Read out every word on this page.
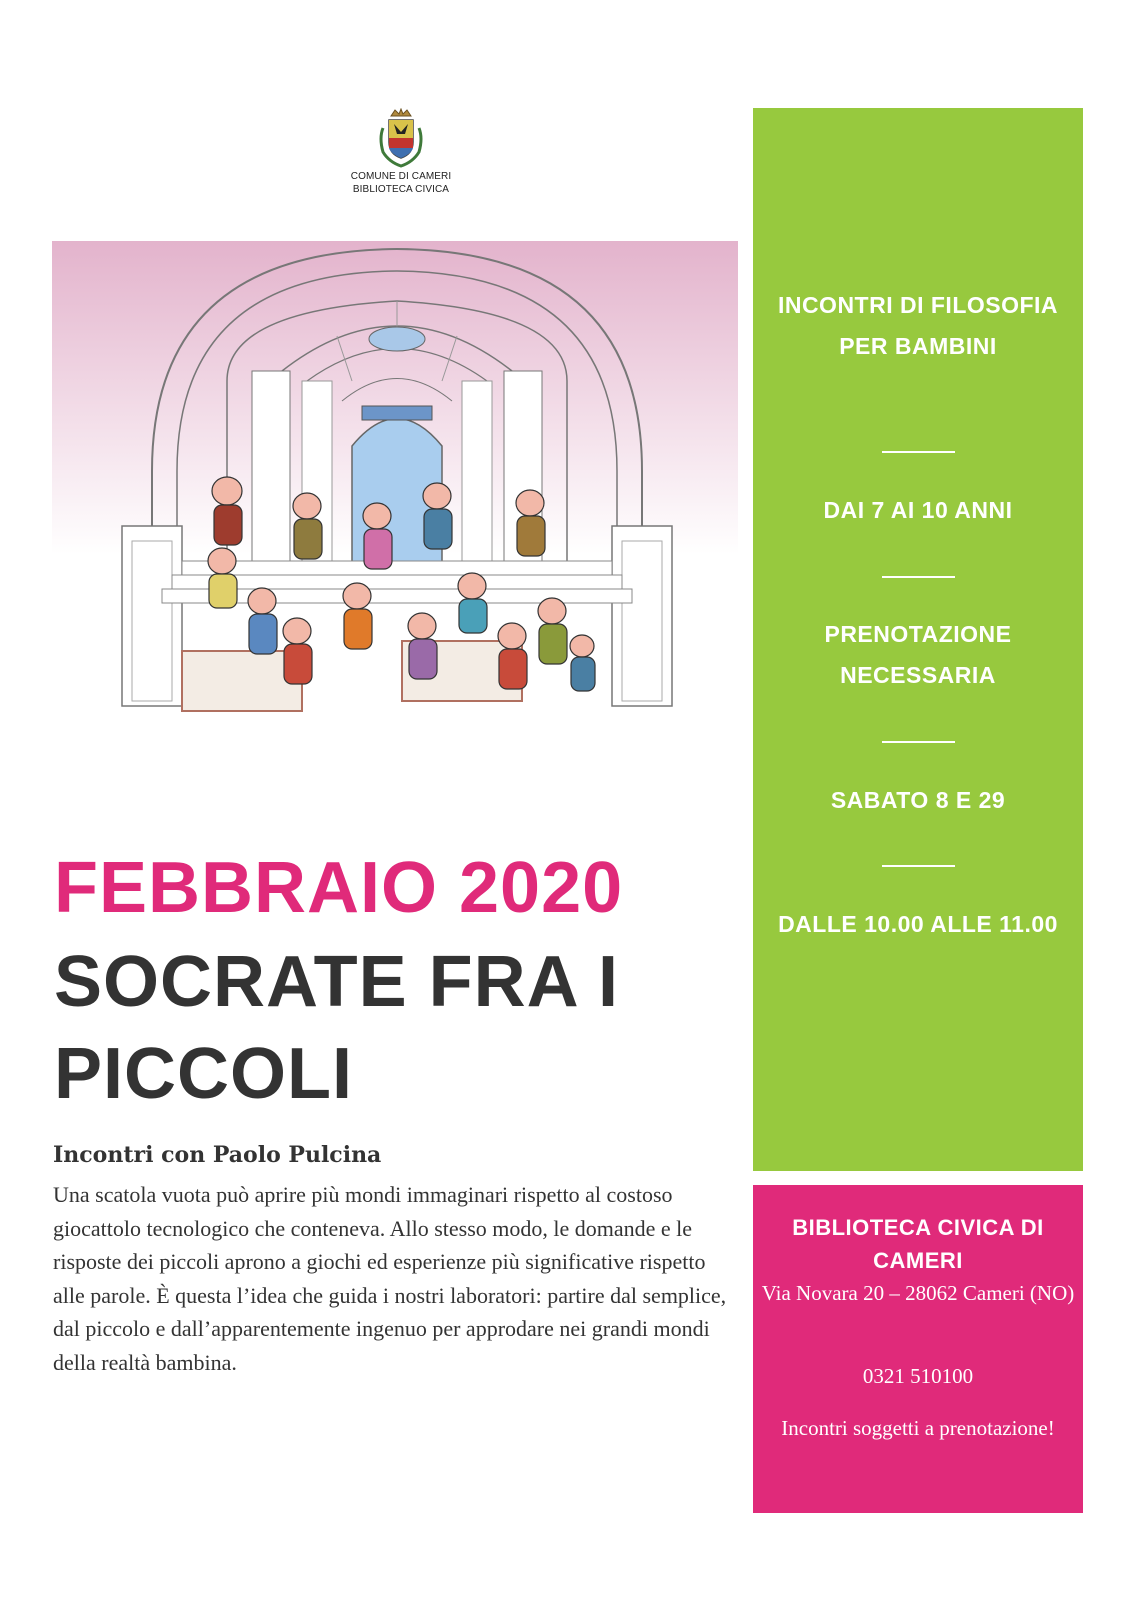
COMUNE DI CAMERI
BIBLIOTECA CIVICA
FEBBRAIO 2020
SOCRATE FRA I PICCOLI
Incontri con Paolo Pulcina

Una scatola vuota può aprire più mondi immaginari rispetto al costoso giocattolo tecnologico che conteneva. Allo stesso modo, le domande e le risposte dei piccoli aprono a giochi ed esperienze più significative rispetto alle parole. È questa l’idea che guida i nostri laboratori: partire dal semplice, dal piccolo e dall’apparentemente ingenuo per approdare nei grandi mondi della realtà bambina.

INCONTRI DI FILOSOFIA PER BAMBINI

DAI 7 AI 10 ANNI

PRENOTAZIONE NECESSARIA

SABATO 8 E 29

DALLE 10.00 ALLE 11.00

BIBLIOTECA CIVICA DI CAMERI
Via Novara 20 – 28062 Cameri (NO)
0321 510100
Incontri soggetti a prenotazione!
